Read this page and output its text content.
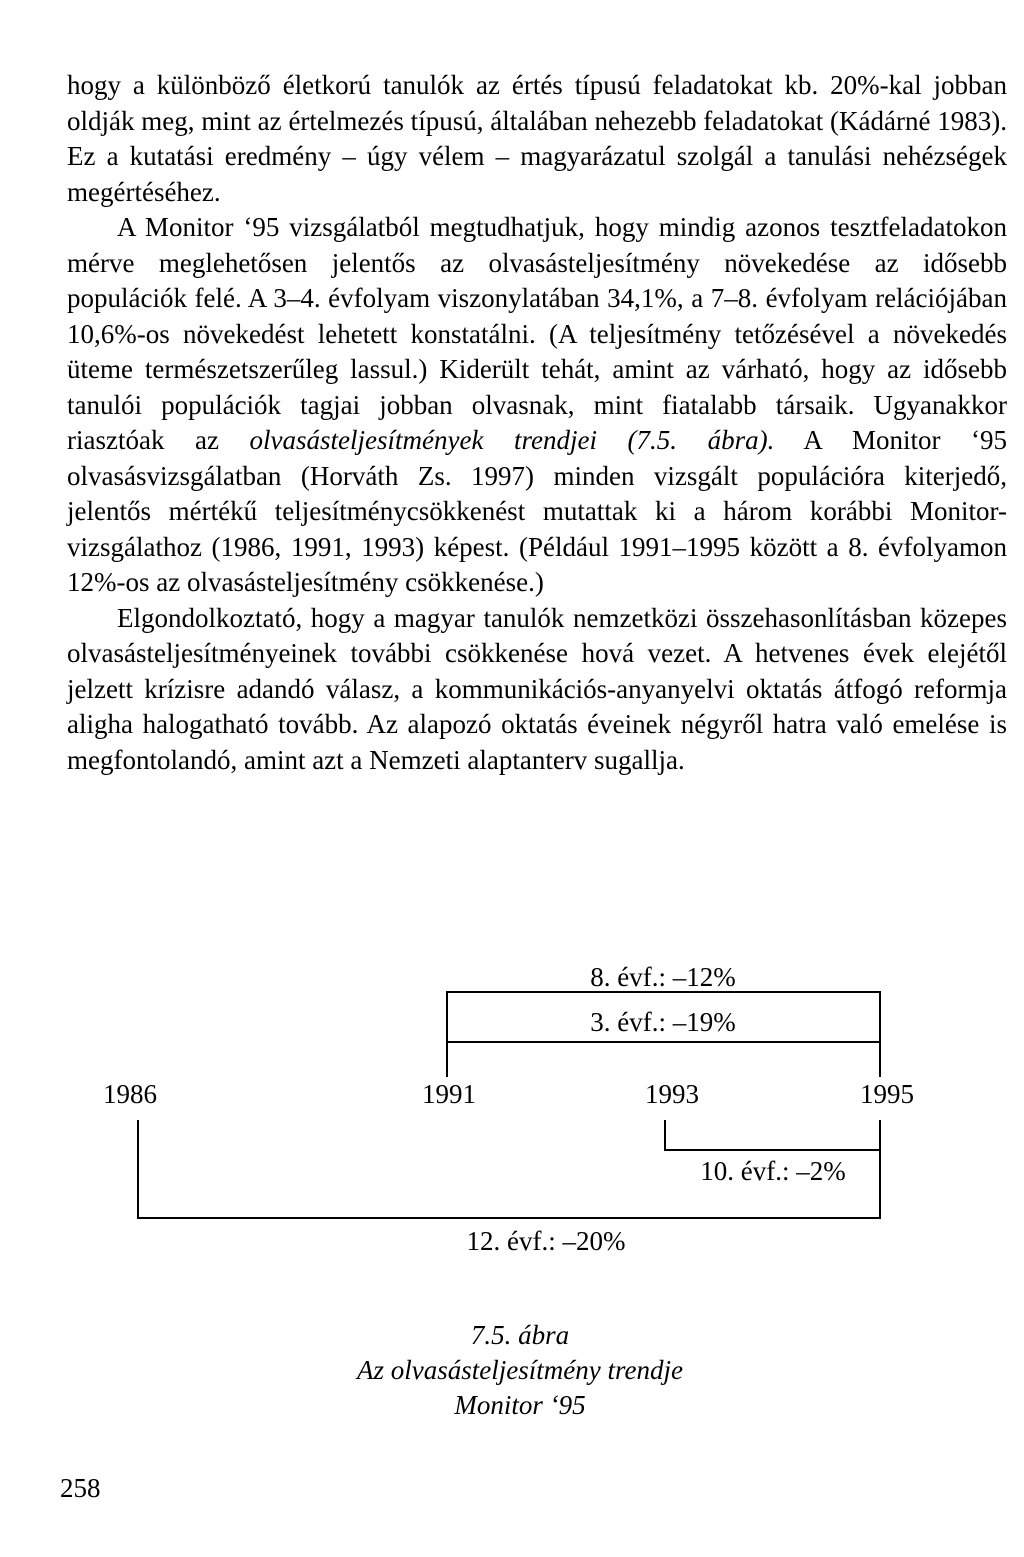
hogy a különböző életkorú tanulók az értés típusú feladatokat kb. 20%-kal jobban oldják meg, mint az értelmezés típusú, általában nehezebb feladatokat (Kádárné 1983). Ez a kutatási eredmény – úgy vélem – magyarázatul szolgál a tanulási nehézségek megértéséhez.

A Monitor ‘95 vizsgálatból megtudhatjuk, hogy mindig azonos tesztfeladatokon mérve meglehetősen jelentős az olvasásteljesítmény növekedése az idősebb populációk felé. A 3–4. évfolyam viszonylatában 34,1%, a 7–8. évfolyam relációjában 10,6%-os növekedést lehetett konstatálni. (A teljesítmény tetőzésével a növekedés üteme természetszerűleg lassul.) Kiderült tehát, amint az várható, hogy az idősebb tanulói populációk tagjai jobban olvasnak, mint fiatalabb társaik. Ugyanakkor riasztóak az olvasásteljesítmények trendjei (7.5. ábra). A Monitor ‘95 olvasásvizsgálatban (Horváth Zs. 1997) minden vizsgált populációra kiterjedő, jelentős mértékű teljesítménycsökkenést mutattak ki a három korábbi Monitor-vizsgálathoz (1986, 1991, 1993) képest. (Például 1991–1995 között a 8. évfolyamon 12%-os az olvasásteljesítmény csökkenése.)

Elgondolkoztató, hogy a magyar tanulók nemzetközi összehasonlításban közepes olvasásteljesítményeinek további csökkenése hová vezet. A hetvenes évek elejétől jelzett krízisre adandó válasz, a kommunikációs-anyanyelvi oktatás átfogó reformja aligha halogatható tovább. Az alapozó oktatás éveinek négyről hatra való emelése is megfontolandó, amint azt a Nemzeti alaptanterv sugallja.

8. évf.: –12%
3. évf.: –19%
1986	1991	1993	1995
10. évf.: –2%
12. évf.: –20%
7.5. ábra
Az olvasásteljesítmény trendje
Monitor ‘95
258
